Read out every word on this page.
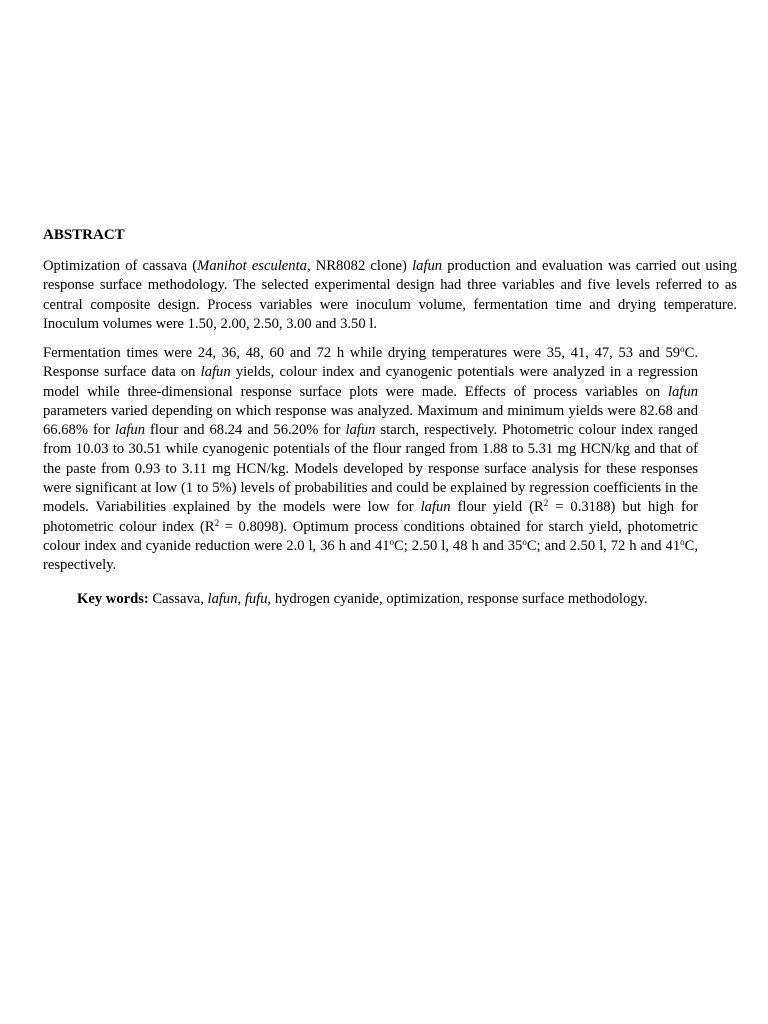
ABSTRACT

Optimization of cassava (Manihot esculenta, NR8082 clone) lafun production and evaluation was carried out using response surface methodology. The selected experimental design had three variables and five levels referred to as central composite design. Process variables were inoculum volume, fermentation time and drying temperature. Inoculum volumes were 1.50, 2.00, 2.50, 3.00 and 3.50 l.

Fermentation times were 24, 36, 48, 60 and 72 h while drying temperatures were 35, 41, 47, 53 and 59$^o$C. Response surface data on lafun yields, colour index and cyanogenic potentials were analyzed in a regression model while three-dimensional response surface plots were made. Effects of process variables on lafun parameters varied depending on which response was analyzed. Maximum and minimum yields were 82.68 and 66.68% for lafun flour and 68.24 and 56.20% for lafun starch, respectively. Photometric colour index ranged from 10.03 to 30.51 while cyanogenic potentials of the flour ranged from 1.88 to 5.31 mg HCN/kg and that of the paste from 0.93 to 3.11 mg HCN/kg. Models developed by response surface analysis for these responses were significant at low (1 to 5%) levels of probabilities and could be explained by regression coefficients in the models. Variabilities explained by the models were low for lafun flour yield $(R^2 = 0.3188)$ but high for photometric colour index $(R^2 = 0.8098)$. Optimum process conditions obtained for starch yield, photometric colour index and cyanide reduction were 2.0 l, 36 h and 41$^o$C; 2.50 l, 48 h and 35$^o$C; and 2.50 l, 72 h and 41$^o$C, respectively.

Key words: Cassava, lafun, fufu, hydrogen cyanide, optimization, response surface methodology.
